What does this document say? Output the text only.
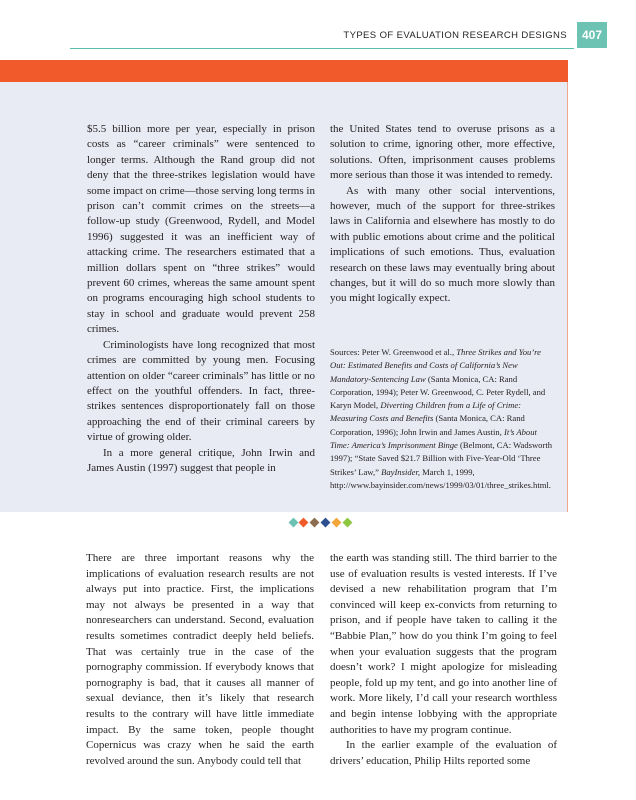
TYPES OF EVALUATION RESEARCH DESIGNS	407

$5.5 billion more per year, especially in prison costs as “career criminals” were sentenced to longer terms. Although the Rand group did not deny that the three-strikes legislation would have some impact on crime—those serving long terms in prison can’t commit crimes on the streets—a follow-up study (Greenwood, Rydell, and Model 1996) suggested it was an inefficient way of attacking crime. The researchers estimated that a million dollars spent on “three strikes” would prevent 60 crimes, whereas the same amount spent on programs encouraging high school students to stay in school and graduate would prevent 258 crimes.

Criminologists have long recognized that most crimes are committed by young men. Focusing attention on older “career criminals” has little or no effect on the youthful offenders. In fact, three-strikes sentences disproportionately fall on those approaching the end of their criminal careers by virtue of growing older.

In a more general critique, John Irwin and James Austin (1997) suggest that people in

the United States tend to overuse prisons as a solution to crime, ignoring other, more effective, solutions. Often, imprisonment causes problems more serious than those it was intended to remedy.

As with many other social interventions, however, much of the support for three-strikes laws in California and elsewhere has mostly to do with public emotions about crime and the political implications of such emotions. Thus, evaluation research on these laws may eventually bring about changes, but it will do so much more slowly than you might logically expect.

Sources: Peter W. Greenwood et al., Three Strikes and You’re Out: Estimated Benefits and Costs of California’s New Mandatory-Sentencing Law (Santa Monica, CA: Rand Corporation, 1994); Peter W. Greenwood, C. Peter Rydell, and Karyn Model, Diverting Children from a Life of Crime: Measuring Costs and Benefits (Santa Monica, CA: Rand Corporation, 1996); John Irwin and James Austin, It’s About Time: America’s Imprisonment Binge (Belmont, CA: Wadsworth 1997); “State Saved $21.7 Billion with Five-Year-Old ‘Three Strikes’ Law,” BayInsider, March 1, 1999, http://www.bayinsider.com/news/1999/03/01/three_strikes.html.

There are three important reasons why the implications of evaluation research results are not always put into practice. First, the implications may not always be presented in a way that nonresearchers can understand. Second, evaluation results sometimes contradict deeply held beliefs. That was certainly true in the case of the pornography commission. If everybody knows that pornography is bad, that it causes all manner of sexual deviance, then it’s likely that research results to the contrary will have little immediate impact. By the same token, people thought Copernicus was crazy when he said the earth revolved around the sun. Anybody could tell that

the earth was standing still. The third barrier to the use of evaluation results is vested interests. If I’ve devised a new rehabilitation program that I’m convinced will keep ex-convicts from returning to prison, and if people have taken to calling it the “Babbie Plan,” how do you think I’m going to feel when your evaluation suggests that the program doesn’t work? I might apologize for misleading people, fold up my tent, and go into another line of work. More likely, I’d call your research worthless and begin intense lobbying with the appropriate authorities to have my program continue.

In the earlier example of the evaluation of drivers’ education, Philip Hilts reported some
